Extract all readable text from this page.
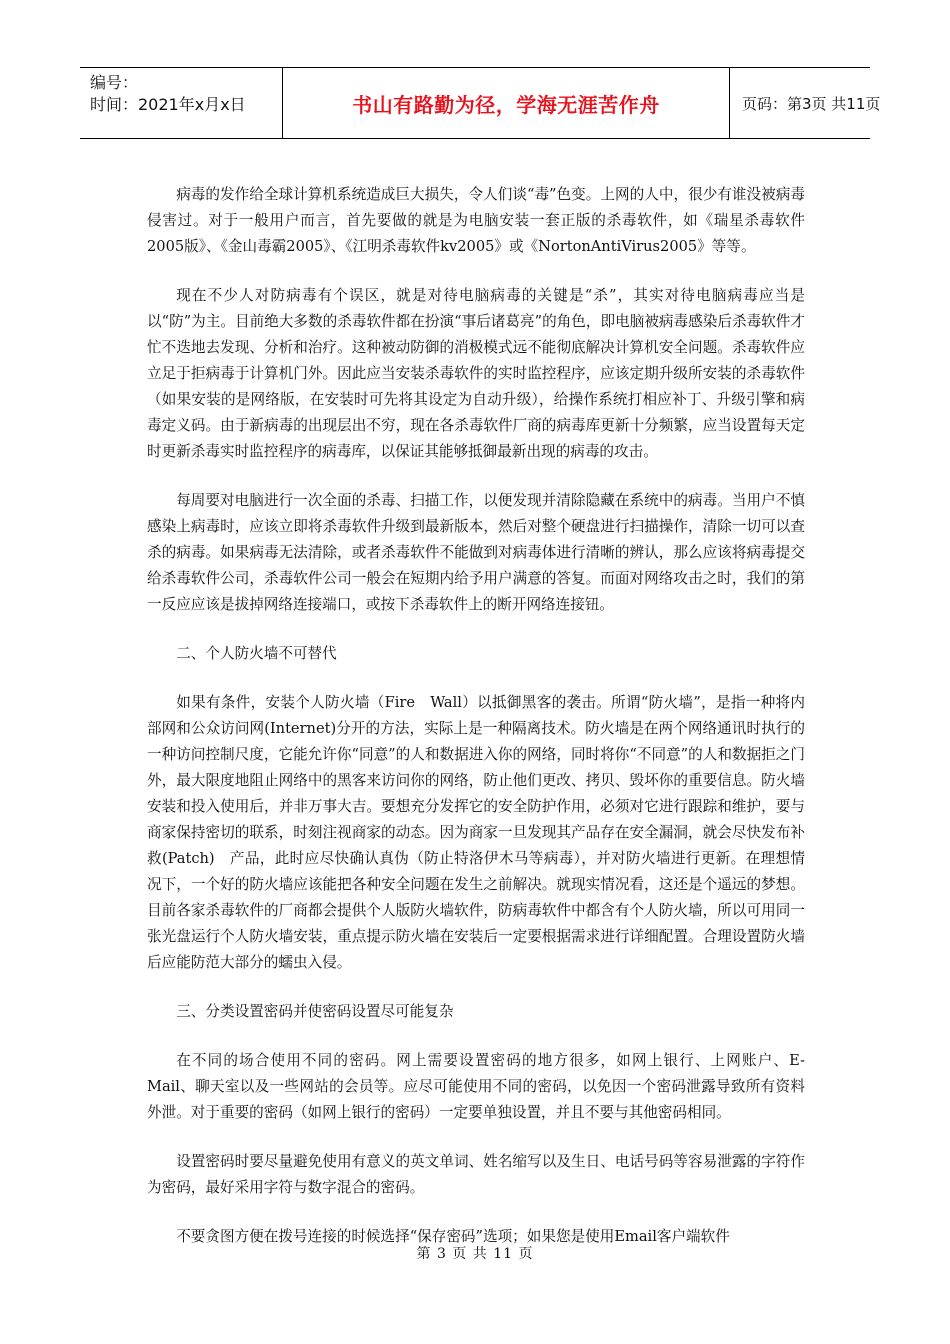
编号：
时间：2021年x月x日	书山有路勤为径，学海无涯苦作舟	页码：第3页 共11页

病毒的发作给全球计算机系统造成巨大损失，令人们谈“毒”色变。上网的人中，很少有谁没被病毒侵害过。对于一般用户而言，首先要做的就是为电脑安装一套正版的杀毒软件，如《瑞星杀毒软件2005版》、《金山毒霸2005》、《江明杀毒软件kv2005》或《NortonAntiVirus2005》等等。

现在不少人对防病毒有个误区，就是对待电脑病毒的关键是“杀”，其实对待电脑病毒应当是以“防”为主。目前绝大多数的杀毒软件都在扮演“事后诸葛亮”的角色，即电脑被病毒感染后杀毒软件才忙不迭地去发现、分析和治疗。这种被动防御的消极模式远不能彻底解决计算机安全问题。杀毒软件应立足于拒病毒于计算机门外。因此应当安装杀毒软件的实时监控程序，应该定期升级所安装的杀毒软件（如果安装的是网络版，在安装时可先将其设定为自动升级），给操作系统打相应补丁、升级引擎和病毒定义码。由于新病毒的出现层出不穷，现在各杀毒软件厂商的病毒库更新十分频繁，应当设置每天定时更新杀毒实时监控程序的病毒库，以保证其能够抵御最新出现的病毒的攻击。

每周要对电脑进行一次全面的杀毒、扫描工作，以便发现并清除隐藏在系统中的病毒。当用户不慎感染上病毒时，应该立即将杀毒软件升级到最新版本，然后对整个硬盘进行扫描操作，清除一切可以查杀的病毒。如果病毒无法清除，或者杀毒软件不能做到对病毒体进行清晰的辨认，那么应该将病毒提交给杀毒软件公司，杀毒软件公司一般会在短期内给予用户满意的答复。而面对网络攻击之时，我们的第一反应应该是拔掉网络连接端口，或按下杀毒软件上的断开网络连接钮。

二、个人防火墙不可替代

如果有条件，安装个人防火墙（Fire　Wall）以抵御黑客的袭击。所谓“防火墙”，是指一种将内部网和公众访问网(Internet)分开的方法，实际上是一种隔离技术。防火墙是在两个网络通讯时执行的一种访问控制尺度，它能允许你“同意”的人和数据进入你的网络，同时将你“不同意”的人和数据拒之门外，最大限度地阻止网络中的黑客来访问你的网络，防止他们更改、拷贝、毁坏你的重要信息。防火墙安装和投入使用后，并非万事大吉。要想充分发挥它的安全防护作用，必须对它进行跟踪和维护，要与商家保持密切的联系，时刻注视商家的动态。因为商家一旦发现其产品存在安全漏洞，就会尽快发布补救(Patch)　产品，此时应尽快确认真伪（防止特洛伊木马等病毒），并对防火墙进行更新。在理想情况下，一个好的防火墙应该能把各种安全问题在发生之前解决。就现实情况看，这还是个遥远的梦想。目前各家杀毒软件的厂商都会提供个人版防火墙软件，防病毒软件中都含有个人防火墙，所以可用同一张光盘运行个人防火墙安装，重点提示防火墙在安装后一定要根据需求进行详细配置。合理设置防火墙后应能防范大部分的蠕虫入侵。

三、分类设置密码并使密码设置尽可能复杂

在不同的场合使用不同的密码。网上需要设置密码的地方很多，如网上银行、上网账户、E-Mail、聊天室以及一些网站的会员等。应尽可能使用不同的密码，以免因一个密码泄露导致所有资料外泄。对于重要的密码（如网上银行的密码）一定要单独设置，并且不要与其他密码相同。

设置密码时要尽量避免使用有意义的英文单词、姓名缩写以及生日、电话号码等容易泄露的字符作为密码，最好采用字符与数字混合的密码。

不要贪图方便在拨号连接的时候选择“保存密码”选项；如果您是使用Email客户端软件

第 3 页 共 11 页
